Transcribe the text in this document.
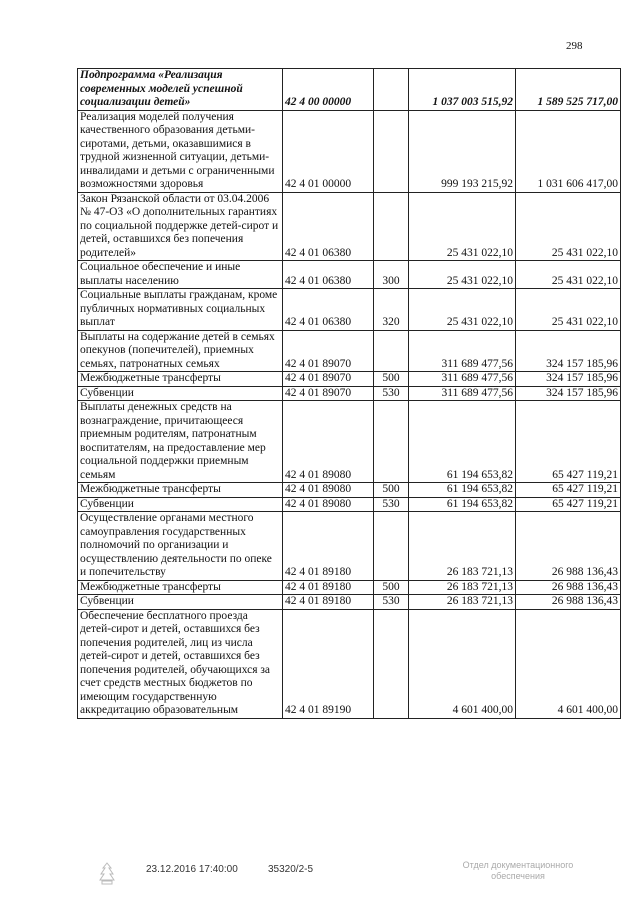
298
Подпрограмма «Реализация современных моделей успешной социализации детей»	42 4 00 00000		1 037 003 515,92	1 589 525 717,00
Реализация моделей получения качественного образования детьми-сиротами, детьми, оказавшимися в трудной жизненной ситуации, детьми-инвалидами и детьми с ограниченными возможностями здоровья	42 4 01 00000		999 193 215,92	1 031 606 417,00
Закон Рязанской области от 03.04.2006 № 47-ОЗ «О дополнительных гарантиях по социальной поддержке детей-сирот и детей, оставшихся без попечения родителей»	42 4 01 06380		25 431 022,10	25 431 022,10
Социальное обеспечение и иные выплаты населению	42 4 01 06380	300	25 431 022,10	25 431 022,10
Социальные выплаты гражданам, кроме публичных нормативных социальных выплат	42 4 01 06380	320	25 431 022,10	25 431 022,10
Выплаты на содержание детей в семьях опекунов (попечителей), приемных семьях, патронатных семьях	42 4 01 89070		311 689 477,56	324 157 185,96
Межбюджетные трансферты	42 4 01 89070	500	311 689 477,56	324 157 185,96
Субвенции	42 4 01 89070	530	311 689 477,56	324 157 185,96
Выплаты денежных средств на вознаграждение, причитающееся приемным родителям, патронатным воспитателям, на предоставление мер социальной поддержки приемным семьям	42 4 01 89080		61 194 653,82	65 427 119,21
Межбюджетные трансферты	42 4 01 89080	500	61 194 653,82	65 427 119,21
Субвенции	42 4 01 89080	530	61 194 653,82	65 427 119,21
Осуществление органами местного самоуправления государственных полномочий по организации и осуществлению деятельности по опеке и попечительству	42 4 01 89180		26 183 721,13	26 988 136,43
Межбюджетные трансферты	42 4 01 89180	500	26 183 721,13	26 988 136,43
Субвенции	42 4 01 89180	530	26 183 721,13	26 988 136,43
Обеспечение бесплатного проезда детей-сирот и детей, оставшихся без попечения родителей, лиц из числа детей-сирот и детей, оставшихся без попечения родителей, обучающихся за счет средств местных бюджетов по имеющим государственную аккредитацию образовательным	42 4 01 89190		4 601 400,00	4 601 400,00
23.12.2016 17:40:00	35320/2-5	Отдел документационного обеспечения
